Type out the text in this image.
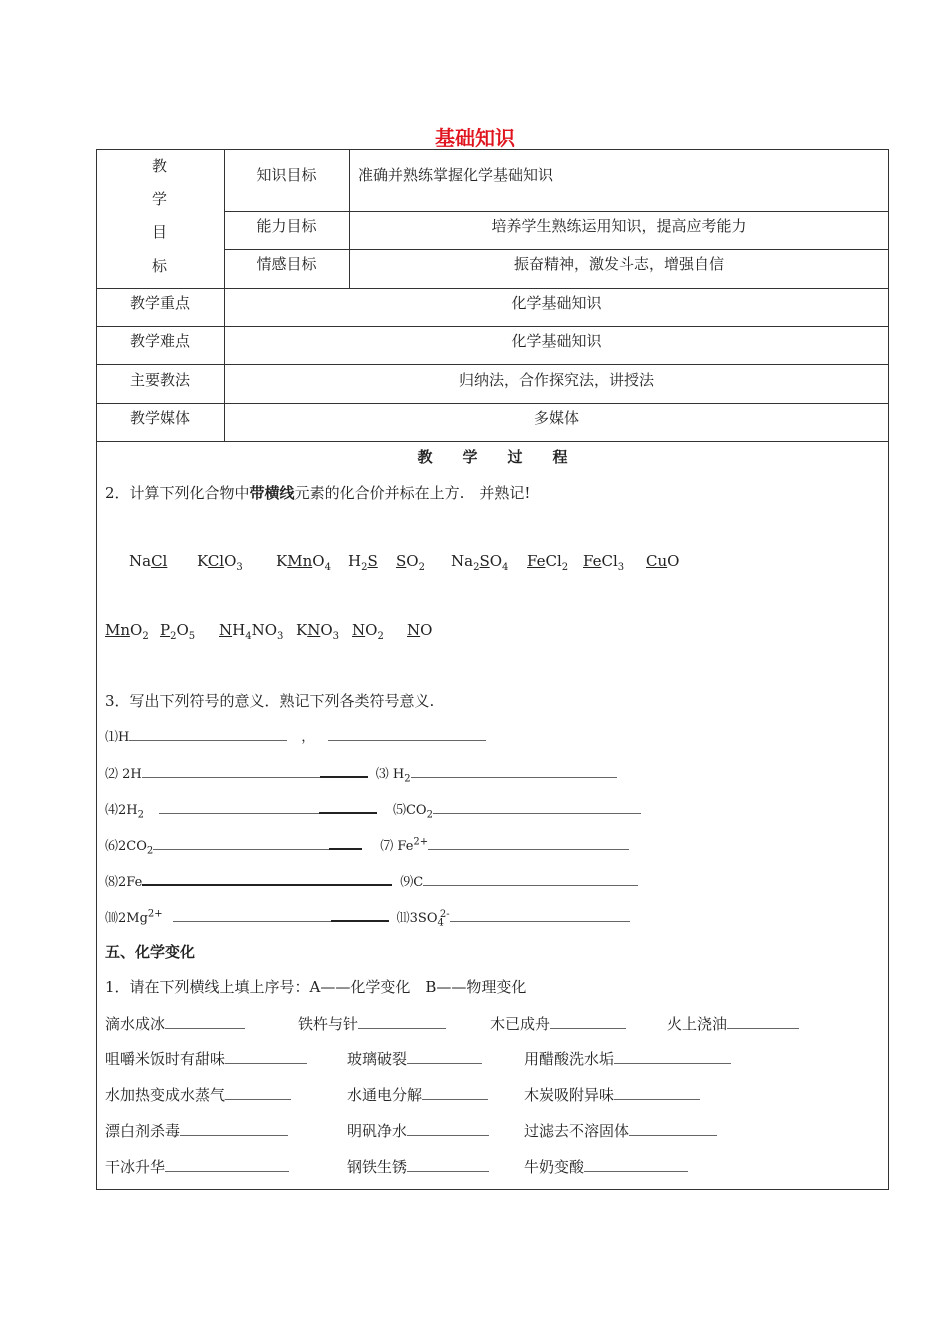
基础知识
教
学
目
标
知识目标	准确并熟练掌握化学基础知识
能力目标	培养学生熟练运用知识，提高应考能力
情感目标	振奋精神，激发斗志，增强自信
教学重点	化学基础知识
教学难点	化学基础知识
主要教法	归纳法，合作探究法，讲授法
教学媒体	多媒体
教　　学　　过　　程
2．计算下列化合物中带横线元素的化合价并标在上方.　并熟记!
NaCl KClO$_3$ KMnO$_4$ $H_2S$ $SO_2$ $Na_2SO_4$ FeCl$_2$ FeCl$_3$ CuO
MnO$_2$ $P_2O_5$ $NH_4NO_3$ $KNO_3$ $NO_2$ NO
3．写出下列符号的意义．熟记下列各类符号意义.
⑴H	，
⑵ 2H	⑶ $H_2$
$⑷2H_2$	$⑸CO_2$
$⑹2CO_2$	⑺ $Fe^{2+}$
⑻2Fe	⑼C
$⑽2Mg^{2+}$	$⑾3SO_4^{2-}$
五、化学变化
1．请在下列横线上填上序号：A——化学变化　B——物理变化
滴水成冰	铁杵与针	木已成舟	火上浇油
咀嚼米饭时有甜味	玻璃破裂	用醋酸洗水垢
水加热变成水蒸气	水通电分解	木炭吸附异味
漂白剂杀毒	明矾净水	过滤去不溶固体
干冰升华	钢铁生锈	牛奶变酸
